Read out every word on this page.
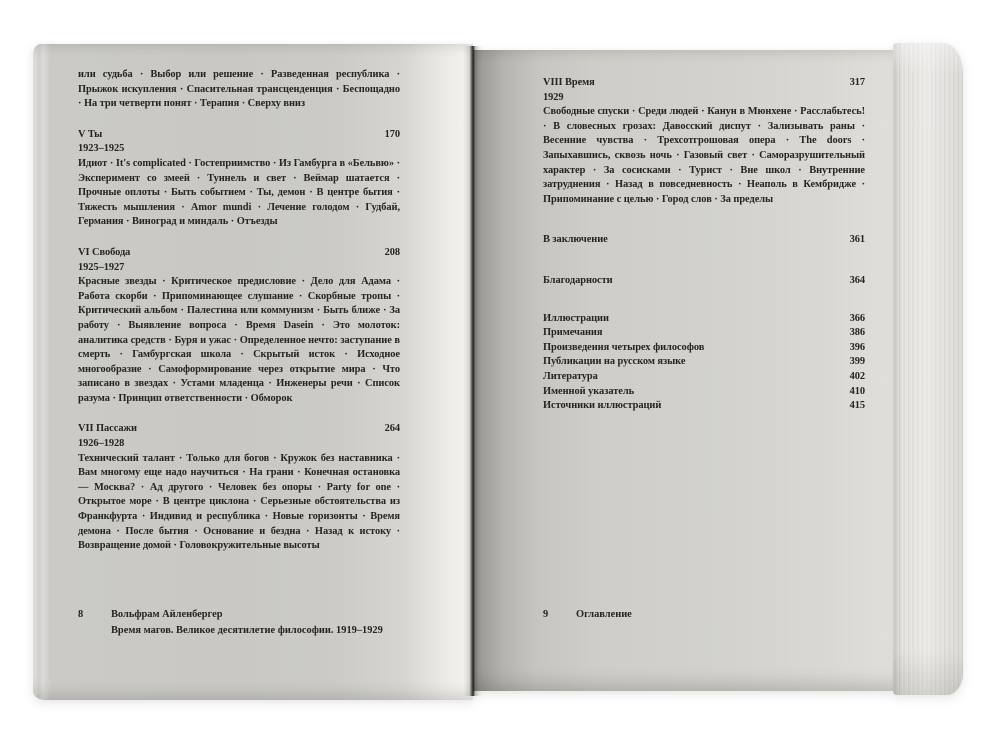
или судьба · Выбор или решение · Разведенная республика · Прыжок искупления · Спасительная трансценденция · Беспощадно · На три четверти понят · Терапия · Сверху вниз

V Ты	170
1923–1925

Идиот · It's complicated · Гостеприимство · Из Гамбурга в «Бельвю» · Эксперимент со змеей · Туннель и свет · Веймар шатается · Прочные оплоты · Быть событием · Ты, демон · В центре бытия · Тяжесть мышления · Amor mundi · Лечение голодом · Гудбай, Германия · Виноград и миндаль · Отъезды

VI Свобода	208
1925–1927

Красные звезды · Критическое предисловие · Дело для Адама · Работа скорби · Припоминающее слушание · Скорбные тропы · Критический альбом · Палестина или коммунизм · Быть ближе · За работу · Выявление вопроса · Время Dasein · Это молоток: аналитика средств · Буря и ужас · Определенное нечто: заступание в смерть · Гамбургская школа · Скрытый исток · Исходное многообразие · Самоформирование через открытие мира · Что записано в звездах · Устами младенца · Инженеры речи · Список разума · Принцип ответственности · Обморок

VII Пассажи	264
1926–1928

Технический талант · Только для богов · Кружок без наставника · Вам многому еще надо научиться · На грани · Конечная остановка — Москва? · Ад другого · Человек без опоры · Party for one · Открытое море · В центре циклона · Серьезные обстоятельства из Франкфурта · Индивид и республика · Новые горизонты · Время демона · После бытия · Основание и бездна · Назад к истоку · Возвращение домой · Головокружительные высоты

8	Вольфрам Айленбергер
Время магов. Великое десятилетие философии. 1919–1929
VIII Время	317
1929

Свободные спуски · Среди людей · Канун в Мюнхене · Расслабьтесь! · В словесных грозах: Давосский диспут · Зализывать раны · Весенние чувства · Трехсотгрошовая опера · The doors · Запыхавшись, сквозь ночь · Газовый свет · Саморазрушительный характер · За сосисками · Турист · Вне школ · Внутренние затруднения · Назад в повседневность · Неаполь в Кембридже · Припоминание с целью · Город слов · За пределы

В заключение	361
Благодарности	364
Иллюстрации	366
Примечания	386
Произведения четырех философов	396
Публикации на русском языке	399
Литература	402
Именной указатель	410
Источники иллюстраций	415
9	Оглавление
